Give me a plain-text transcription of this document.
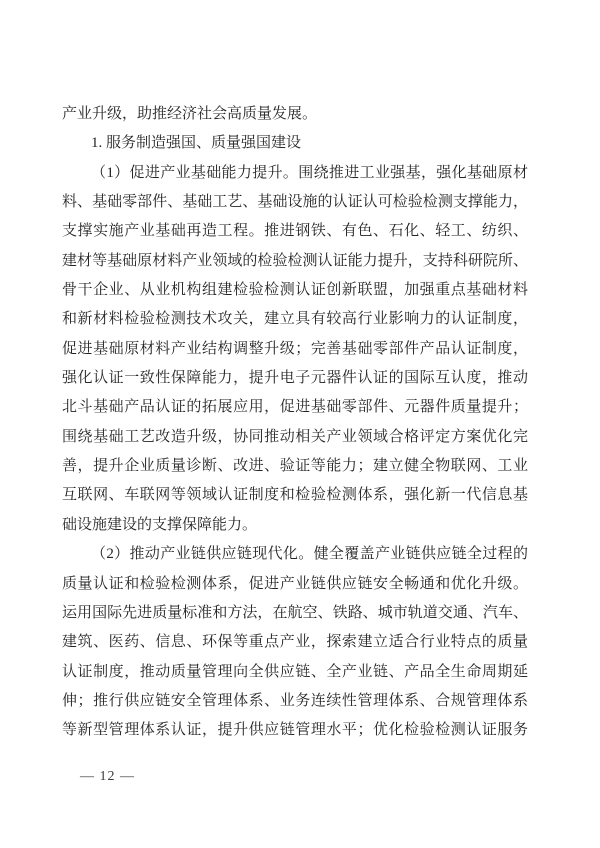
产业升级，助推经济社会高质量发展。
1. 服务制造强国、质量强国建设
（1）促进产业基础能力提升。围绕推进工业强基，强化基础原材
料、基础零部件、基础工艺、基础设施的认证认可检验检测支撑能力，
支撑实施产业基础再造工程。推进钢铁、有色、石化、轻工、纺织、
建材等基础原材料产业领域的检验检测认证能力提升，支持科研院所、
骨干企业、从业机构组建检验检测认证创新联盟，加强重点基础材料
和新材料检验检测技术攻关，建立具有较高行业影响力的认证制度，
促进基础原材料产业结构调整升级；完善基础零部件产品认证制度，
强化认证一致性保障能力，提升电子元器件认证的国际互认度，推动
北斗基础产品认证的拓展应用，促进基础零部件、元器件质量提升；
围绕基础工艺改造升级，协同推动相关产业领域合格评定方案优化完
善，提升企业质量诊断、改进、验证等能力；建立健全物联网、工业
互联网、车联网等领域认证制度和检验检测体系，强化新一代信息基
础设施建设的支撑保障能力。
（2）推动产业链供应链现代化。健全覆盖产业链供应链全过程的
质量认证和检验检测体系，促进产业链供应链安全畅通和优化升级。
运用国际先进质量标准和方法，在航空、铁路、城市轨道交通、汽车、
建筑、医药、信息、环保等重点产业，探索建立适合行业特点的质量
认证制度，推动质量管理向全供应链、全产业链、产品全生命周期延
伸；推行供应链安全管理体系、业务连续性管理体系、合规管理体系
等新型管理体系认证，提升供应链管理水平；优化检验检测认证服务
— 12 —
